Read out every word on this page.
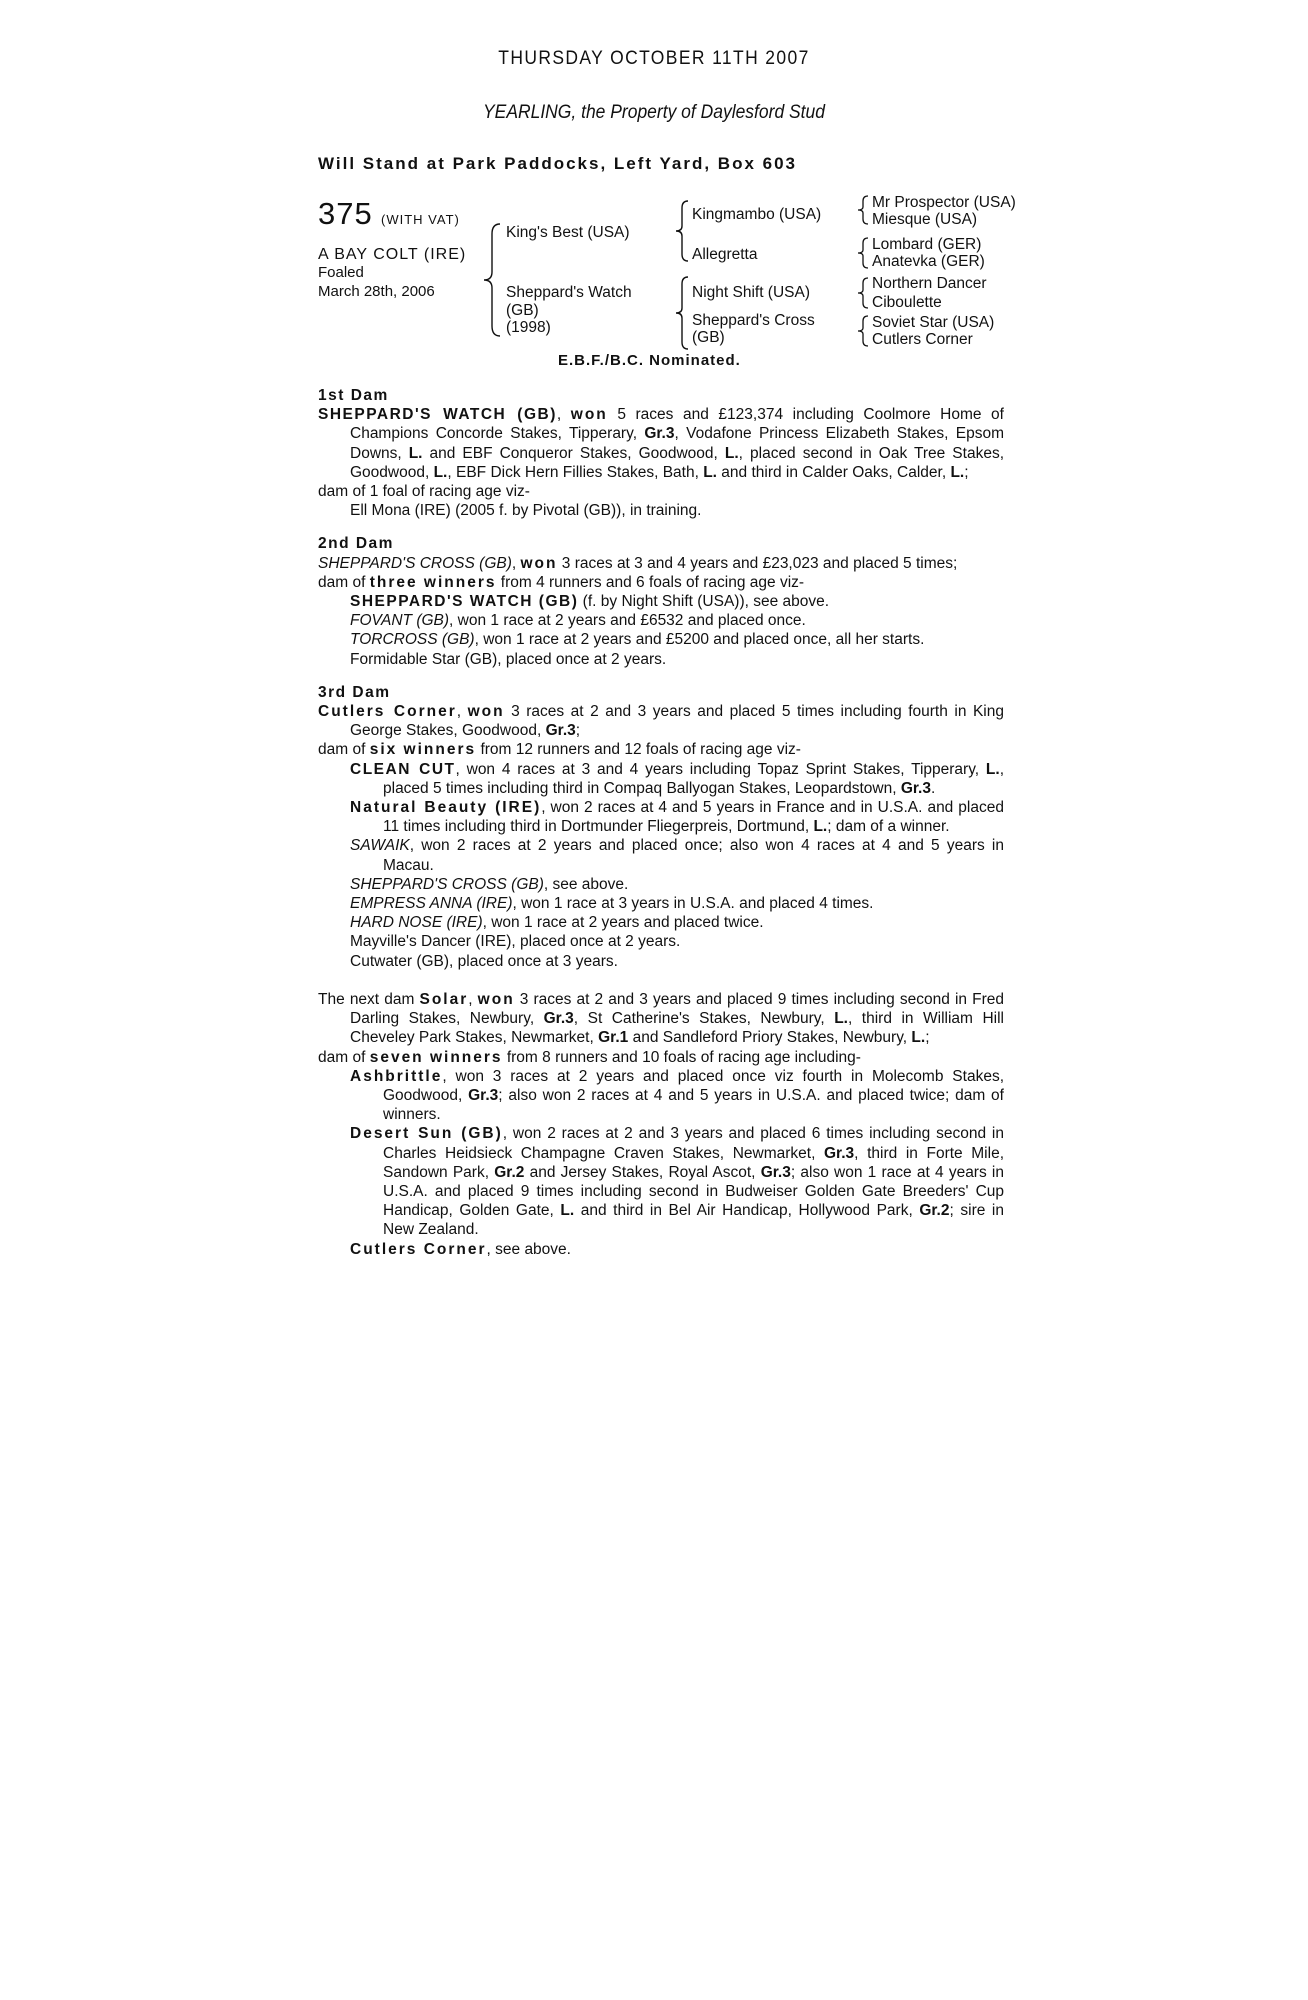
THURSDAY OCTOBER 11TH 2007
YEARLING, the Property of Daylesford Stud
Will Stand at Park Paddocks, Left Yard, Box 603
375 (WITH VAT)
A BAY COLT (IRE)
Foaled
March 28th, 2006
King's Best (USA)
Sheppard's Watch
(GB)
(1998)
Kingmambo (USA)
Allegretta
Night Shift (USA)
Sheppard's Cross
(GB)
Mr Prospector (USA)
Miesque (USA)
Lombard (GER)
Anatevka (GER)
Northern Dancer
Ciboulette
Soviet Star (USA)
Cutlers Corner
E.B.F./B.C. Nominated.
1st Dam
SHEPPARD'S WATCH (GB), won 5 races and £123,374 including Coolmore Home of Champions Concorde Stakes, Tipperary, Gr.3, Vodafone Princess Elizabeth Stakes, Epsom Downs, L. and EBF Conqueror Stakes, Goodwood, L., placed second in Oak Tree Stakes, Goodwood, L., EBF Dick Hern Fillies Stakes, Bath, L. and third in Calder Oaks, Calder, L.;
dam of 1 foal of racing age viz-
Ell Mona (IRE) (2005 f. by Pivotal (GB)), in training.
2nd Dam
SHEPPARD'S CROSS (GB), won 3 races at 3 and 4 years and £23,023 and placed 5 times;
dam of three winners from 4 runners and 6 foals of racing age viz-
SHEPPARD'S WATCH (GB) (f. by Night Shift (USA)), see above.
FOVANT (GB), won 1 race at 2 years and £6532 and placed once.
TORCROSS (GB), won 1 race at 2 years and £5200 and placed once, all her starts.
Formidable Star (GB), placed once at 2 years.
3rd Dam
Cutlers Corner, won 3 races at 2 and 3 years and placed 5 times including fourth in King George Stakes, Goodwood, Gr.3;
dam of six winners from 12 runners and 12 foals of racing age viz-
CLEAN CUT, won 4 races at 3 and 4 years including Topaz Sprint Stakes, Tipperary, L., placed 5 times including third in Compaq Ballyogan Stakes, Leopardstown, Gr.3.
Natural Beauty (IRE), won 2 races at 4 and 5 years in France and in U.S.A. and placed 11 times including third in Dortmunder Fliegerpreis, Dortmund, L.; dam of a winner.
SAWAIK, won 2 races at 2 years and placed once; also won 4 races at 4 and 5 years in Macau.
SHEPPARD'S CROSS (GB), see above.
EMPRESS ANNA (IRE), won 1 race at 3 years in U.S.A. and placed 4 times.
HARD NOSE (IRE), won 1 race at 2 years and placed twice.
Mayville's Dancer (IRE), placed once at 2 years.
Cutwater (GB), placed once at 3 years.
The next dam Solar, won 3 races at 2 and 3 years and placed 9 times including second in Fred Darling Stakes, Newbury, Gr.3, St Catherine's Stakes, Newbury, L., third in William Hill Cheveley Park Stakes, Newmarket, Gr.1 and Sandleford Priory Stakes, Newbury, L.;
dam of seven winners from 8 runners and 10 foals of racing age including-
Ashbrittle, won 3 races at 2 years and placed once viz fourth in Molecomb Stakes, Goodwood, Gr.3; also won 2 races at 4 and 5 years in U.S.A. and placed twice; dam of winners.
Desert Sun (GB), won 2 races at 2 and 3 years and placed 6 times including second in Charles Heidsieck Champagne Craven Stakes, Newmarket, Gr.3, third in Forte Mile, Sandown Park, Gr.2 and Jersey Stakes, Royal Ascot, Gr.3; also won 1 race at 4 years in U.S.A. and placed 9 times including second in Budweiser Golden Gate Breeders' Cup Handicap, Golden Gate, L. and third in Bel Air Handicap, Hollywood Park, Gr.2; sire in New Zealand.
Cutlers Corner, see above.
